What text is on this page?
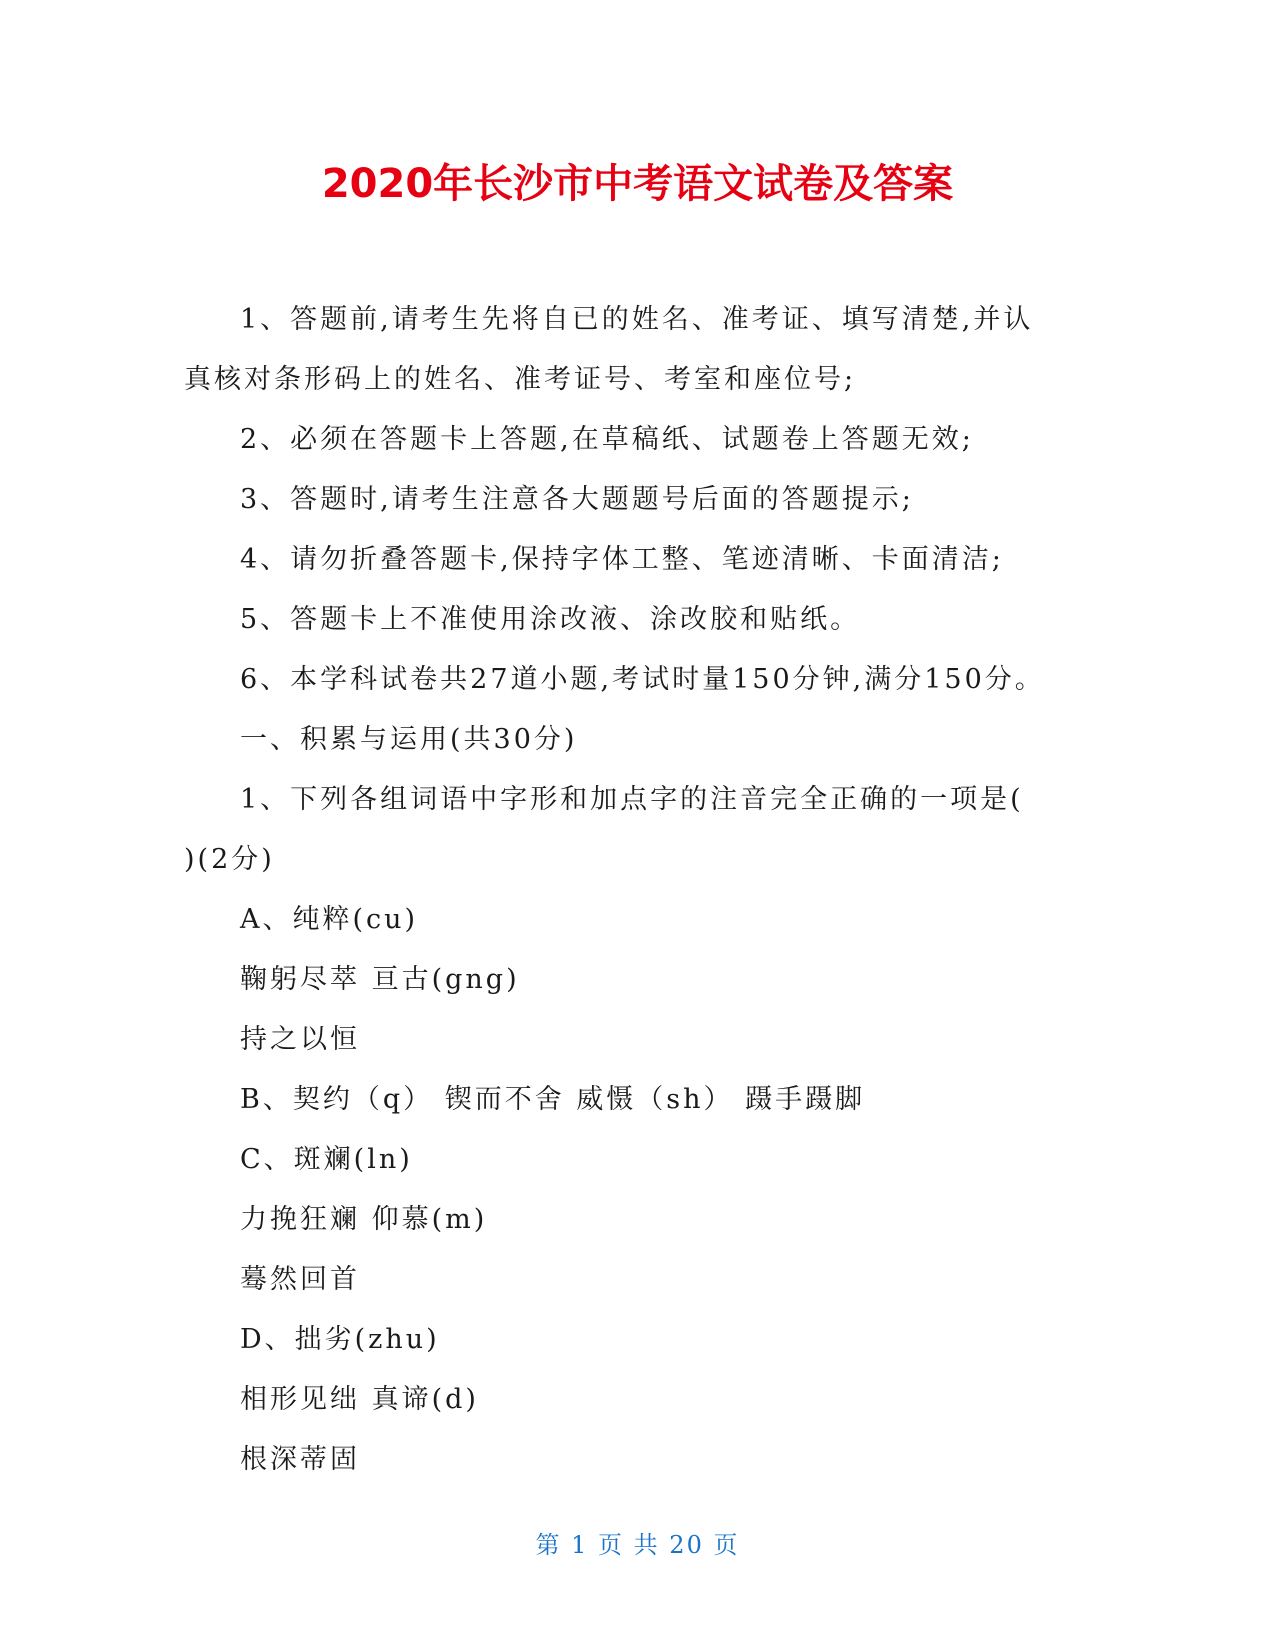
2020年长沙市中考语文试卷及答案
1、答题前,请考生先将自已的姓名、准考证、填写清楚,并认
真核对条形码上的姓名、准考证号、考室和座位号;
2、必须在答题卡上答题,在草稿纸、试题卷上答题无效;
3、答题时,请考生注意各大题题号后面的答题提示;
4、请勿折叠答题卡,保持字体工整、笔迹清晰、卡面清洁;
5、答题卡上不准使用涂改液、涂改胶和贴纸。
6、本学科试卷共27道小题,考试时量150分钟,满分150分。
一、积累与运用(共30分)
1、下列各组词语中字形和加点字的注音完全正确的一项是(
)(2分)
A、纯粹(cu)
鞠躬尽萃 亘古(gng)
持之以恒
B、契约（q） 锲而不舍 威慑（sh） 蹑手蹑脚
C、斑斓(ln)
力挽狂斓 仰慕(m)
蓦然回首
D、拙劣(zhu)
相形见绌 真谛(d)
根深蒂固
第 1 页 共 20 页
